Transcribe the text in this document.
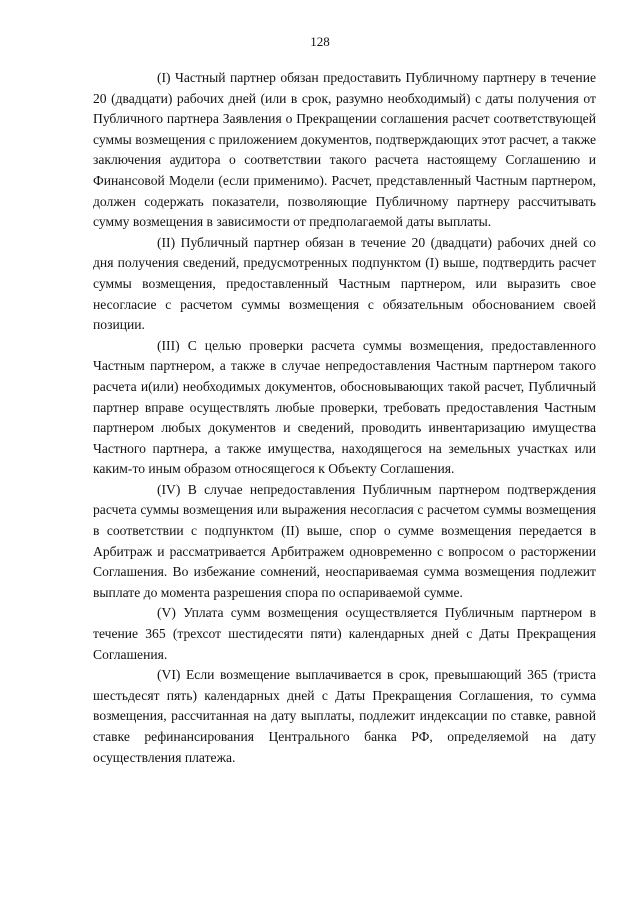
128

(I) Частный партнер обязан предоставить Публичному партнеру в течение 20 (двадцати) рабочих дней (или в срок, разумно необходимый) с даты получения от Публичного партнера Заявления о Прекращении соглашения расчет соответствующей суммы возмещения с приложением документов, подтверждающих этот расчет, а также заключения аудитора о соответствии такого расчета настоящему Соглашению и Финансовой Модели (если применимо). Расчет, представленный Частным партнером, должен содержать показатели, позволяющие Публичному партнеру рассчитывать сумму возмещения в зависимости от предполагаемой даты выплаты.

(II) Публичный партнер обязан в течение 20 (двадцати) рабочих дней со дня получения сведений, предусмотренных подпунктом (I) выше, подтвердить расчет суммы возмещения, предоставленный Частным партнером, или выразить свое несогласие с расчетом суммы возмещения с обязательным обоснованием своей позиции.

(III) С целью проверки расчета суммы возмещения, предоставленного Частным партнером, а также в случае непредоставления Частным партнером такого расчета и(или) необходимых документов, обосновывающих такой расчет, Публичный партнер вправе осуществлять любые проверки, требовать предоставления Частным партнером любых документов и сведений, проводить инвентаризацию имущества Частного партнера, а также имущества, находящегося на земельных участках или каким-то иным образом относящегося к Объекту Соглашения.

(IV) В случае непредоставления Публичным партнером подтверждения расчета суммы возмещения или выражения несогласия с расчетом суммы возмещения в соответствии с подпунктом (II) выше, спор о сумме возмещения передается в Арбитраж и рассматривается Арбитражем одновременно с вопросом о расторжении Соглашения. Во избежание сомнений, неоспариваемая сумма возмещения подлежит выплате до момента разрешения спора по оспариваемой сумме.

(V) Уплата сумм возмещения осуществляется Публичным партнером в течение 365 (трехсот шестидесяти пяти) календарных дней с Даты Прекращения Соглашения.

(VI) Если возмещение выплачивается в срок, превышающий 365 (триста шестьдесят пять) календарных дней с Даты Прекращения Соглашения, то сумма возмещения, рассчитанная на дату выплаты, подлежит индексации по ставке, равной ставке рефинансирования Центрального банка РФ, определяемой на дату осуществления платежа.
